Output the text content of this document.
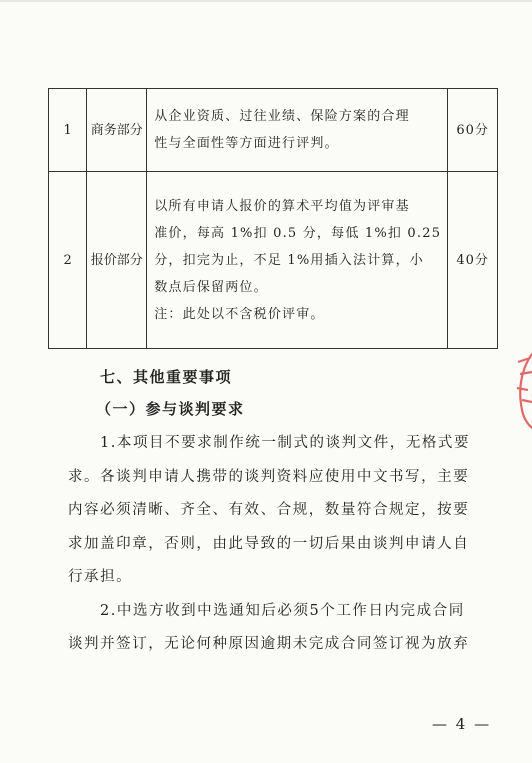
1	商务部分	从企业资质、过往业绩、保险方案的合理
性与全面性等方面进行评判。	60分
2	报价部分	以所有申请人报价的算术平均值为评审基
准价，每高 1%扣 0.5 分，每低 1%扣 0.25
分，扣完为止，不足 1%用插入法计算，小
数点后保留两位。
注：此处以不含税价评审。	40分
七、其他重要事项
（一）参与谈判要求
1.本项目不要求制作统一制式的谈判文件，无格式要
求。各谈判申请人携带的谈判资料应使用中文书写，主要
内容必须清晰、齐全、有效、合规，数量符合规定，按要
求加盖印章，否则，由此导致的一切后果由谈判申请人自
行承担。
2.中选方收到中选通知后必须5个工作日内完成合同
谈判并签订，无论何种原因逾期未完成合同签订视为放弃
— 4 —
